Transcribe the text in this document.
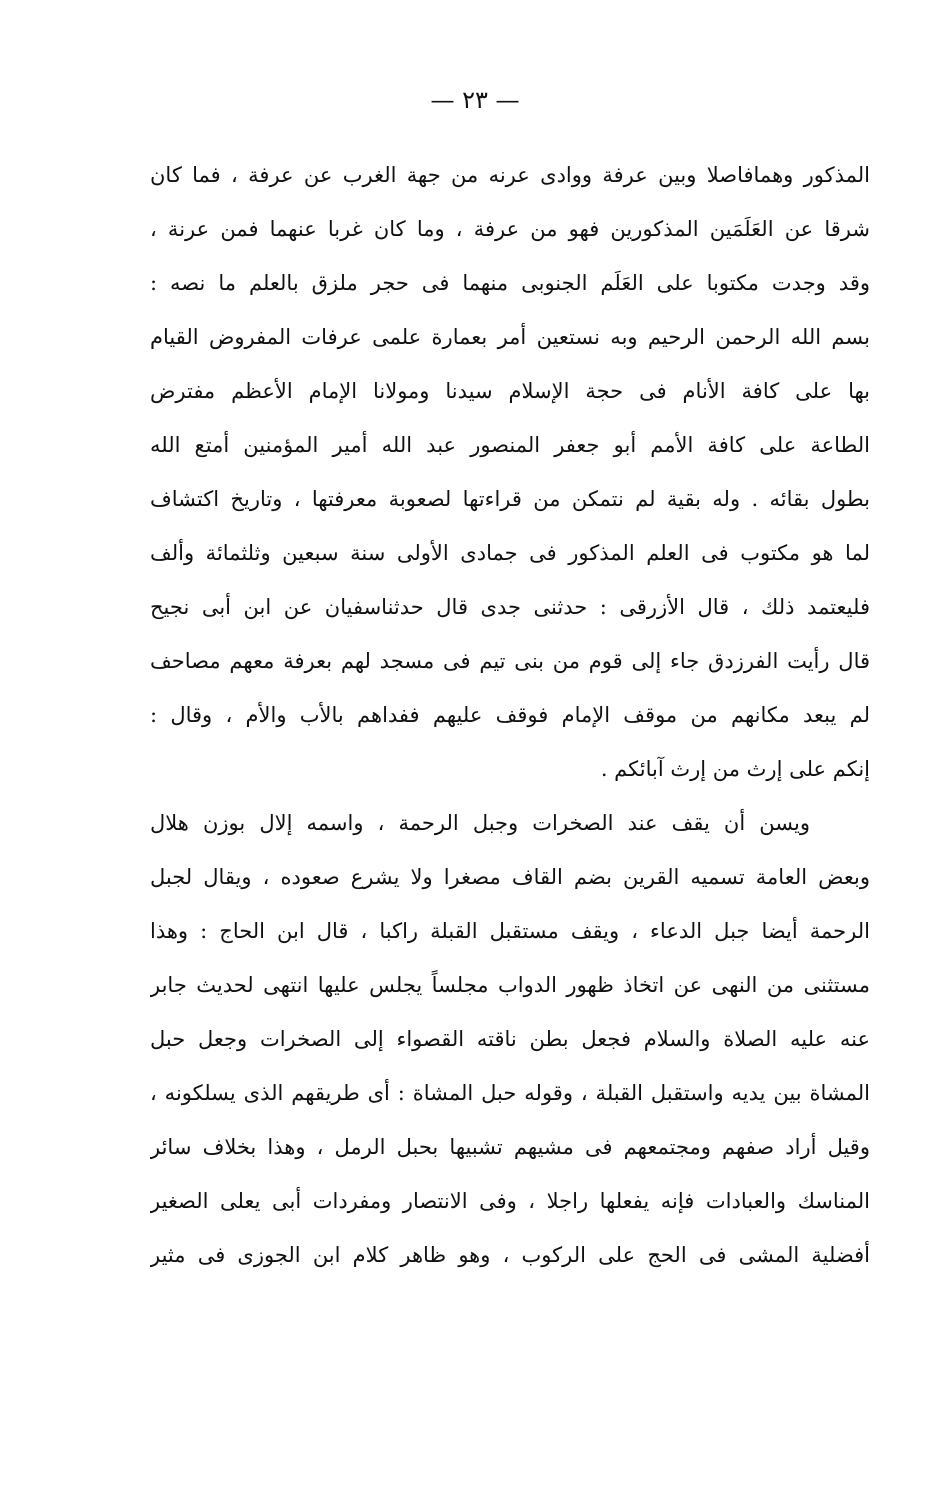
— ٢٣ —
المذكور وهمافاصلا وبين عرفة ووادى عرنه من جهة الغرب عن عرفة ، فما كان
شرقا عن العَلَمَين المذكورين فهو من عرفة ، وما كان غربا عنهما فمن عرنة ،
وقد وجدت مكتوبا على العَلَم الجنوبى منهما فى حجر ملزق بالعلم ما نصه :
بسم الله الرحمن الرحيم وبه نستعين أمر بعمارة علمى عرفات المفروض القيام
بها على كافة الأنام فى حجة الإسلام سيدنا ومولانا الإمام الأعظم مفترض
الطاعة على كافة الأمم أبو جعفر المنصور عبد الله أمير المؤمنين أمتع الله
بطول بقائه . وله بقية لم نتمكن من قراءتها لصعوبة معرفتها ، وتاريخ اكتشاف
لما هو مكتوب فى العلم المذكور فى جمادى الأولى سنة سبعين وثلثمائة وألف
فليعتمد ذلك ، قال الأزرقى : حدثنى جدى قال حدثناسفيان عن ابن أبى نجيح
قال رأيت الفرزدق جاء إلى قوم من بنى تيم فى مسجد لهم بعرفة معهم مصاحف
لم يبعد مكانهم من موقف الإمام فوقف عليهم ففداهم بالأب والأم ، وقال :
إنكم على إرث من إرث آبائكم .
ويسن أن يقف عند الصخرات وجبل الرحمة ، واسمه إلال بوزن هلال
وبعض العامة تسميه القرين بضم القاف مصغرا ولا يشرع صعوده ، ويقال لجبل
الرحمة أيضا جبل الدعاء ، ويقف مستقبل القبلة راكبا ، قال ابن الحاج : وهذا
مستثنى من النهى عن اتخاذ ظهور الدواب مجلساً يجلس عليها انتهى لحديث جابر
عنه عليه الصلاة والسلام فجعل بطن ناقته القصواء إلى الصخرات وجعل حبل
المشاة بين يديه واستقبل القبلة ، وقوله حبل المشاة : أى طريقهم الذى يسلكونه ،
وقيل أراد صفهم ومجتمعهم فى مشيهم تشبيها بحبل الرمل ، وهذا بخلاف سائر
المناسك والعبادات فإنه يفعلها راجلا ، وفى الانتصار ومفردات أبى يعلى الصغير
أفضلية المشى فى الحج على الركوب ، وهو ظاهر كلام ابن الجوزى فى مثير
